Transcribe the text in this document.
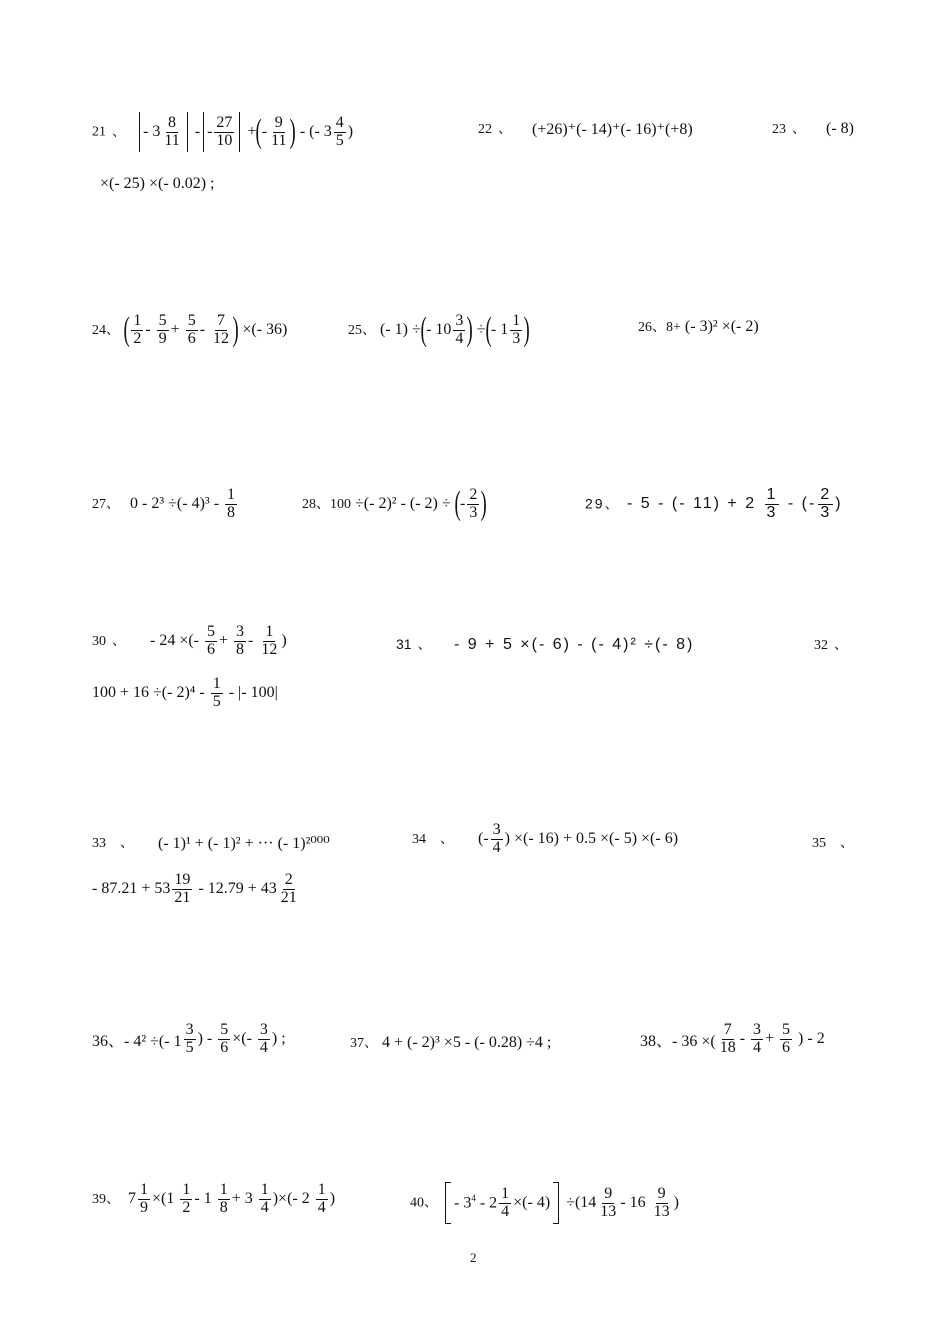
21 、 - $3 \frac{8}{11}$ - - $\frac{27}{10}$ +(- $\frac{9}{11}$ ) - (- $3 \frac{4}{5}$ )	22 、 (+26)⁺(- 14)⁺(- 16)⁺(+8)	23 、 (- 8)
×(- 25) ×(- 0.02) ;
24、 ( $\frac{1}{2} - \frac{5}{9} + \frac{5}{6} - \frac{7}{12}$ ) ×(- 36)	25、 (- 1) ÷(- $10 \frac{3}{4}$ ) ÷(- $1 \frac{1}{3}$ )	26、8+ (- 3)² ×(- 2)
27、 0 - 2³ ÷(- $4)^3 - \frac{1}{8}$	28、100 ÷(- 2)² - (- 2) ÷ (- $\frac{2}{3}$ )	29、 - 5 - (- $11) + 2 \frac{1}{3}$ - (- $\frac{2}{3}$ )
30 、 - 24 ×(- $\frac{5}{6} + \frac{3}{8} - \frac{1}{12}$ )	31 、 - 9 + 5 ×(- 6) - (- 4)² ÷(- 8)	32 、
100 + 16 ÷(- $2)^4 - \frac{1}{5}$ - |- 100|
33 、 (- 1)¹ + (- 1)² + ··· (- 1)²⁰⁰⁰	34 、 (- $\frac{3}{4}$ ) ×(- 16) + 0.5 ×(- 5) ×(- 6)	35 、
- $87.21 + 53 \frac{19}{21} - 12.79 + 43 \frac{2}{21}$
36、- 4² ÷(- $1 \frac{3}{5}$ ) - $\frac{5}{6}$ ×(- $\frac{3}{4}$ ) ;	37、 4 + (- 2)³ ×5 - (- 0.28) ÷4 ;	38、- 36 ×( $\frac{7}{18} - \frac{3}{4} + \frac{5}{6}$ ) - 2
39、 $7 \frac{1}{9} \times(1 \frac{1}{2} - 1 \frac{1}{8} + 3 \frac{1}{4}$ )×(- $2 \frac{1}{4}$ )	40、 - $3^4 - 2 \frac{1}{4}$ ×(- $4) \div(14 \frac{9}{13} - 16 \frac{9}{13}$ )
2
